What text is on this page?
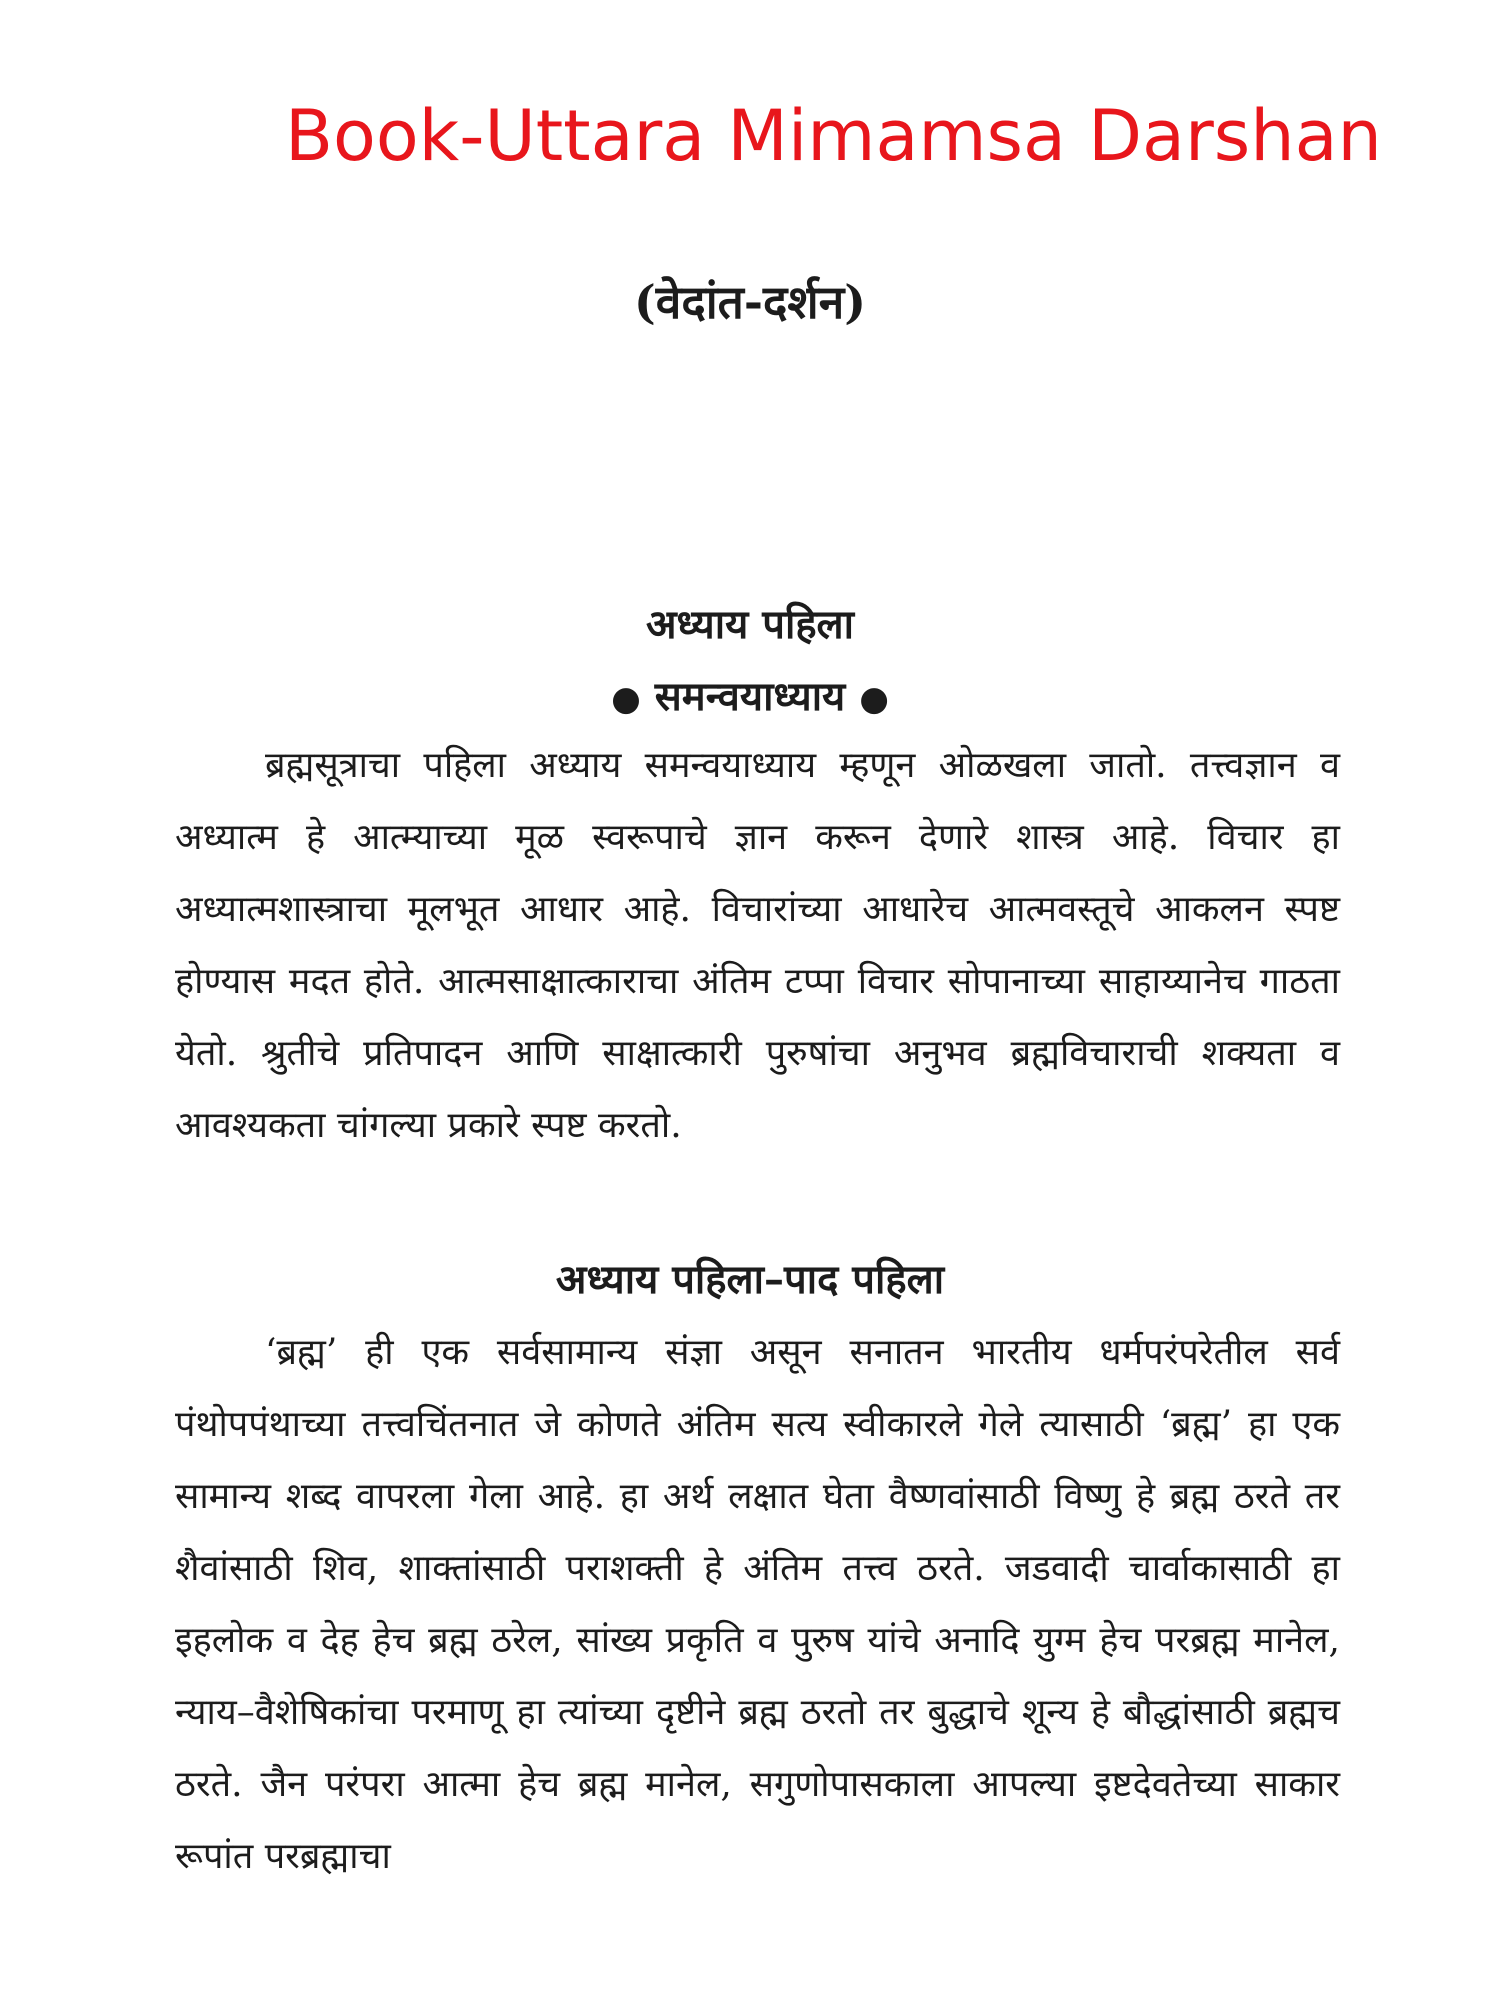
Book-Uttara Mimamsa Darshan
(वेदांत-दर्शन)
अध्याय पहिला
● समन्वयाध्याय ●

ब्रह्मसूत्राचा पहिला अध्याय समन्वयाध्याय म्हणून ओळखला जातो. तत्त्वज्ञान व अध्यात्म हे आत्म्याच्या मूळ स्वरूपाचे ज्ञान करून देणारे शास्त्र आहे. विचार हा अध्यात्मशास्त्राचा मूलभूत आधार आहे. विचारांच्या आधारेच आत्मवस्तूचे आकलन स्पष्ट होण्यास मदत होते. आत्मसाक्षात्काराचा अंतिम टप्पा विचार सोपानाच्या साहाय्यानेच गाठता येतो. श्रुतीचे प्रतिपादन आणि साक्षात्कारी पुरुषांचा अनुभव ब्रह्मविचाराची शक्यता व आवश्यकता चांगल्या प्रकारे स्पष्ट करतो.

अध्याय पहिला–पाद पहिला

‘ब्रह्म’ ही एक सर्वसामान्य संज्ञा असून सनातन भारतीय धर्मपरंपरेतील सर्व पंथोपपंथाच्या तत्त्वचिंतनात जे कोणते अंतिम सत्य स्वीकारले गेले त्यासाठी ‘ब्रह्म’ हा एक सामान्य शब्द वापरला गेला आहे. हा अर्थ लक्षात घेता वैष्णवांसाठी विष्णु हे ब्रह्म ठरते तर शैवांसाठी शिव, शाक्तांसाठी पराशक्ती हे अंतिम तत्त्व ठरते. जडवादी चार्वाकासाठी हा इहलोक व देह हेच ब्रह्म ठरेल, सांख्य प्रकृति व पुरुष यांचे अनादि युग्म हेच परब्रह्म मानेल, न्याय–वैशेषिकांचा परमाणू हा त्यांच्या दृष्टीने ब्रह्म ठरतो तर बुद्धाचे शून्य हे बौद्धांसाठी ब्रह्मच ठरते. जैन परंपरा आत्मा हेच ब्रह्म मानेल, सगुणोपासकाला आपल्या इष्टदेवतेच्या साकार रूपांत परब्रह्माचा
